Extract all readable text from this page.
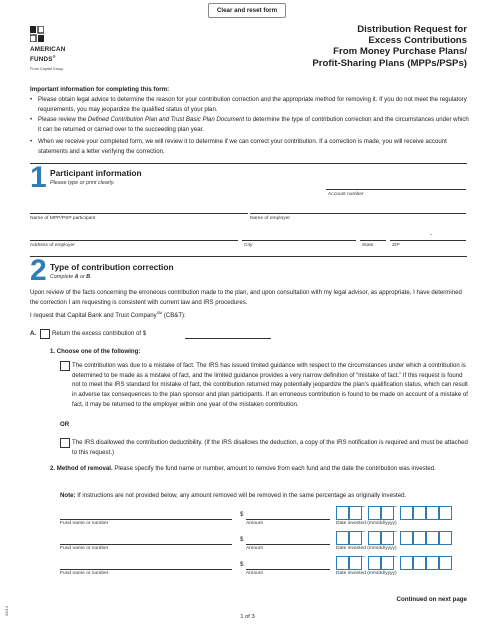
Clear and reset form
AMERICAN
FUNDS®
From Capital Group
Distribution Request for
Excess Contributions
From Money Purchase Plans/
Profit-Sharing Plans (MPPs/PSPs)
Important information for completing this form:
• Please obtain legal advice to determine the reason for your contribution correction and the appropriate method for removing it. If you do not meet the regulatory requirements, you may jeopardize the qualified status of your plan.
• Please review the Defined Contribution Plan and Trust Basic Plan Document to determine the type of contribution correction and the circumstances under which it can be returned or carried over to the succeeding plan year.
• When we receive your completed form, we will review it to determine if we can correct your contribution. If a correction is made, you will receive account statements and a letter verifying the correction.
1 Participant information
Please type or print clearly.
Account number
Name of MPP/PSP participant	Name of employer
Address of employer	City	State	ZIP
-
2 Type of contribution correction
Complete A or B.
Upon review of the facts concerning the erroneous contribution made to the plan, and upon consultation with my legal advisor, as appropriate, I have determined the correction I am requesting is consistent with current law and IRS procedures.
I request that Capital Bank and Trust Company℠ (CB&T):
A.	Return the excess contribution of $
1. Choose one of the following:
The contribution was due to a mistake of fact. The IRS has issued limited guidance with respect to the circumstances under which a contribution is determined to be made as a mistake of fact, and the limited guidance provides a very narrow definition of “mistake of fact.” If this request is found not to meet the IRS standard for mistake of fact, the contribution returned may potentially jeopardize the plan’s qualification status, which can result in adverse tax consequences to the plan sponsor and plan participants. If an erroneous contribution is found to be made on account of a mistake of fact, it may be returned to the employer within one year of the mistaken contribution.
OR
The IRS disallowed the contribution deductibility. (If the IRS disallows the deduction, a copy of the IRS notification is required and must be attached to this request.)
2. Method of removal. Please specify the fund name or number, amount to remove from each fund and the date the contribution was invested.
Note: If instructions are not provided below, any amount removed will be removed in the same percentage as originally invested.
Fund name or number
$
Amount
–	–
Date invested (mm/dd/yyyy)
Fund name or number
$
Amount
–	–
Date invested (mm/dd/yyyy)
Fund name or number
$
Amount
–	–
Date invested (mm/dd/yyyy)
Continued on next page
1 of 3
05/14
